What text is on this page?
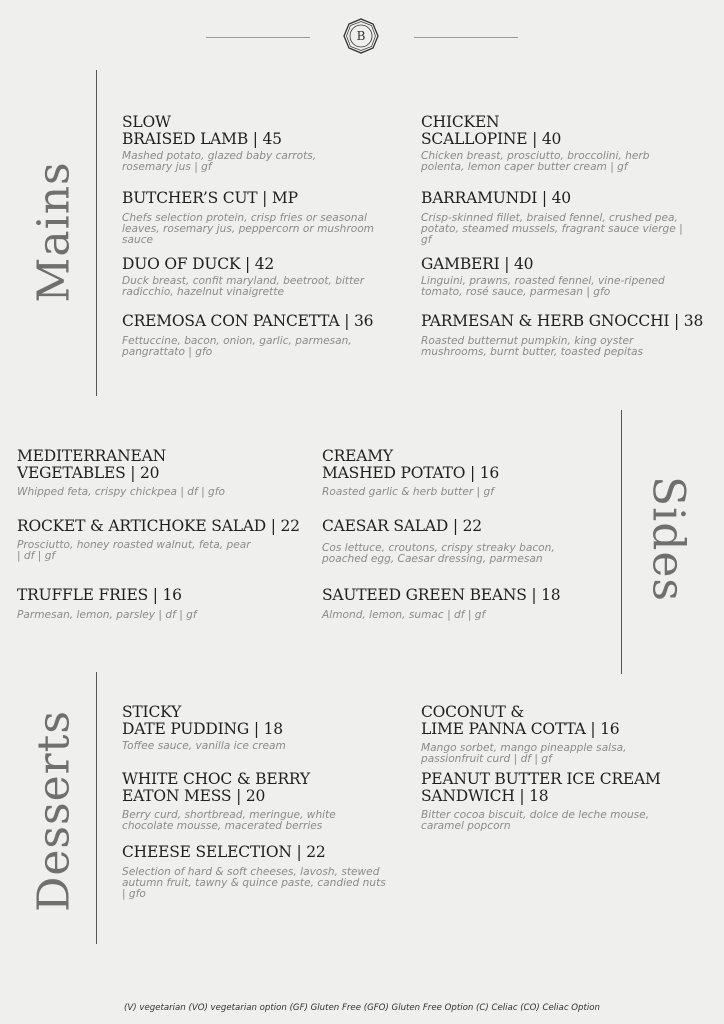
B
Mains
SLOW
BRAISED LAMB | 45
Mashed potato, glazed baby carrots, rosemary jus | gf
CHICKEN
SCALLOPINE | 40
Chicken breast, prosciutto, broccolini, herb polenta, lemon caper butter cream | gf
BUTCHER’S CUT | MP
Chefs selection protein, crisp fries or seasonal leaves, rosemary jus, peppercorn or mushroom sauce
BARRAMUNDI | 40
Crisp-skinned fillet, braised fennel, crushed pea, potato, steamed mussels, fragrant sauce vierge | gf
DUO OF DUCK | 42
Duck breast, confit maryland, beetroot, bitter radicchio, hazelnut vinaigrette
GAMBERI | 40
Linguini, prawns, roasted fennel, vine-ripened tomato, rosé sauce, parmesan | gfo
CREMOSA CON PANCETTA | 36
Fettuccine, bacon, onion, garlic, parmesan, pangrattato | gfo
PARMESAN & HERB GNOCCHI | 38
Roasted butternut pumpkin, king oyster mushrooms, burnt butter, toasted pepitas
Sides
MEDITERRANEAN
VEGETABLES | 20
Whipped feta, crispy chickpea | df | gfo
CREAMY
MASHED POTATO | 16
Roasted garlic & herb butter | gf
ROCKET & ARTICHOKE SALAD | 22
Prosciutto, honey roasted walnut, feta, pear | df | gf
CAESAR SALAD | 22
Cos lettuce, croutons, crispy streaky bacon, poached egg, Caesar dressing, parmesan
TRUFFLE FRIES | 16
Parmesan, lemon, parsley | df | gf
SAUTEED GREEN BEANS | 18
Almond, lemon, sumac | df | gf
Desserts	STICKY
DATE PUDDING | 18
Toffee sauce, vanilla ice cream
COCONUT &
LIME PANNA COTTA | 16
Mango sorbet, mango pineapple salsa, passionfruit curd | df | gf
WHITE CHOC & BERRY
EATON MESS | 20
Berry curd, shortbread, meringue, white chocolate mousse, macerated berries
PEANUT BUTTER ICE CREAM
SANDWICH | 18
Bitter cocoa biscuit, dolce de leche mouse, caramel popcorn
CHEESE SELECTION | 22
Selection of hard & soft cheeses, lavosh, stewed autumn fruit, tawny & quince paste, candied nuts | gfo
(V) vegetarian (VO) vegetarian option (GF) Gluten Free (GFO) Gluten Free Option (C) Celiac (CO) Celiac Option
